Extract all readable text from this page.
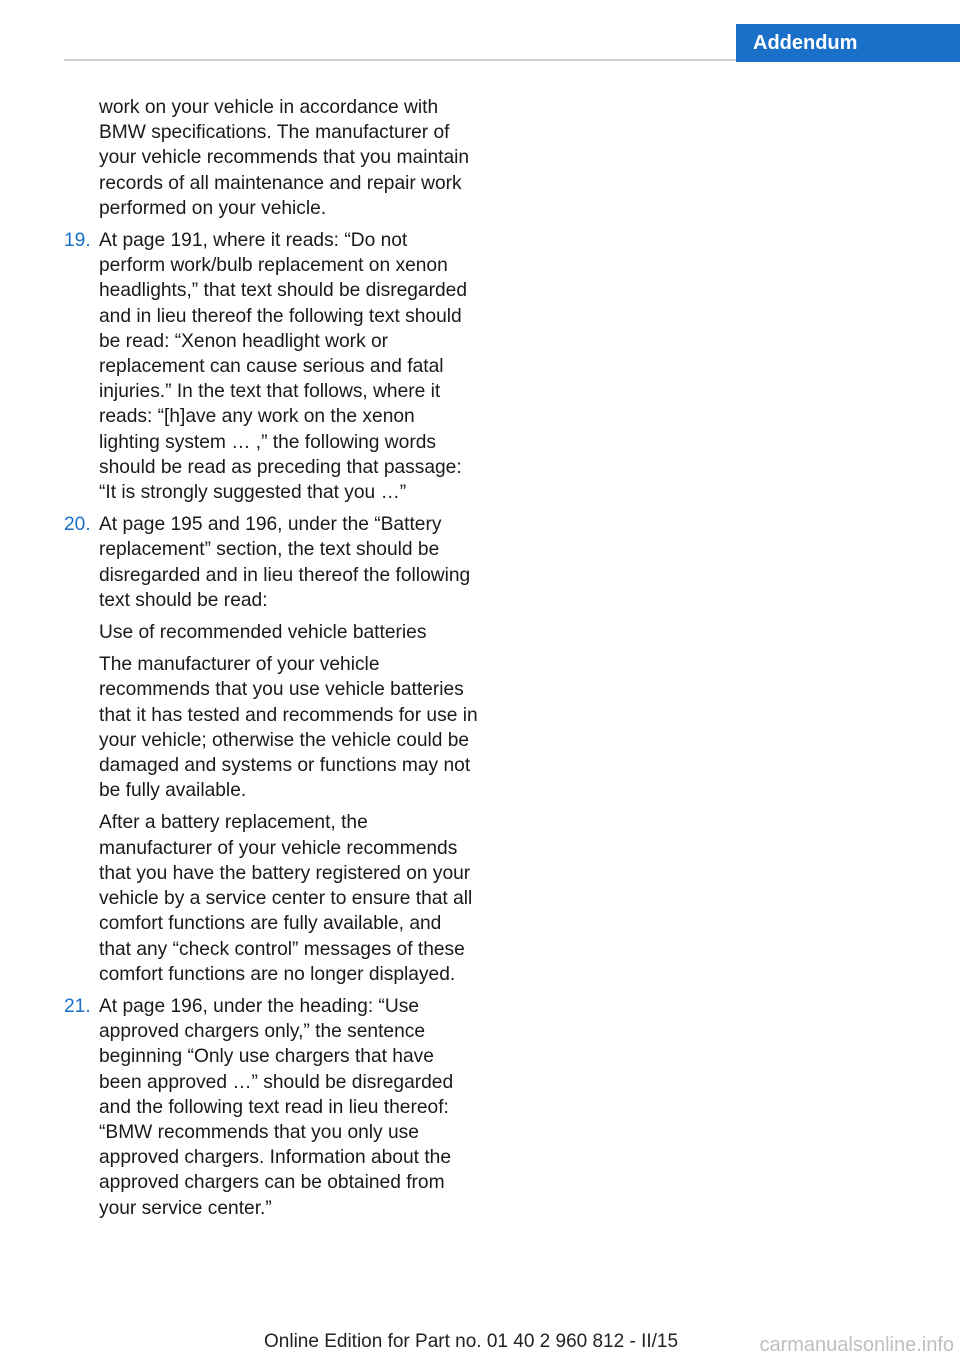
Addendum

work on your vehicle in accordance with BMW specifications. The manufacturer of your vehicle recommends that you maintain records of all maintenance and repair work performed on your vehicle.

19. At page 191, where it reads: “Do not perform work/bulb replacement on xenon headlights,” that text should be disregarded and in lieu thereof the following text should be read: “Xenon headlight work or replacement can cause serious and fatal injuries.” In the text that follows, where it reads: “[h]ave any work on the xenon lighting system … ,” the following words should be read as preceding that passage: “It is strongly suggested that you …”

20. At page 195 and 196, under the “Battery replacement” section, the text should be disregarded and in lieu thereof the following text should be read:

Use of recommended vehicle batteries

The manufacturer of your vehicle recommends that you use vehicle batteries that it has tested and recommends for use in your vehicle; otherwise the vehicle could be damaged and systems or functions may not be fully available.

After a battery replacement, the manufacturer of your vehicle recommends that you have the battery registered on your vehicle by a service center to ensure that all comfort functions are fully available, and that any “check control” messages of these comfort functions are no longer displayed.

21. At page 196, under the heading: “Use approved chargers only,” the sentence beginning “Only use chargers that have been approved …” should be disregarded and the following text read in lieu thereof: “BMW recommends that you only use approved chargers. Information about the approved chargers can be obtained from your service center.”

Online Edition for Part no. 01 40 2 960 812 - II/15	carmanualsonline.info
